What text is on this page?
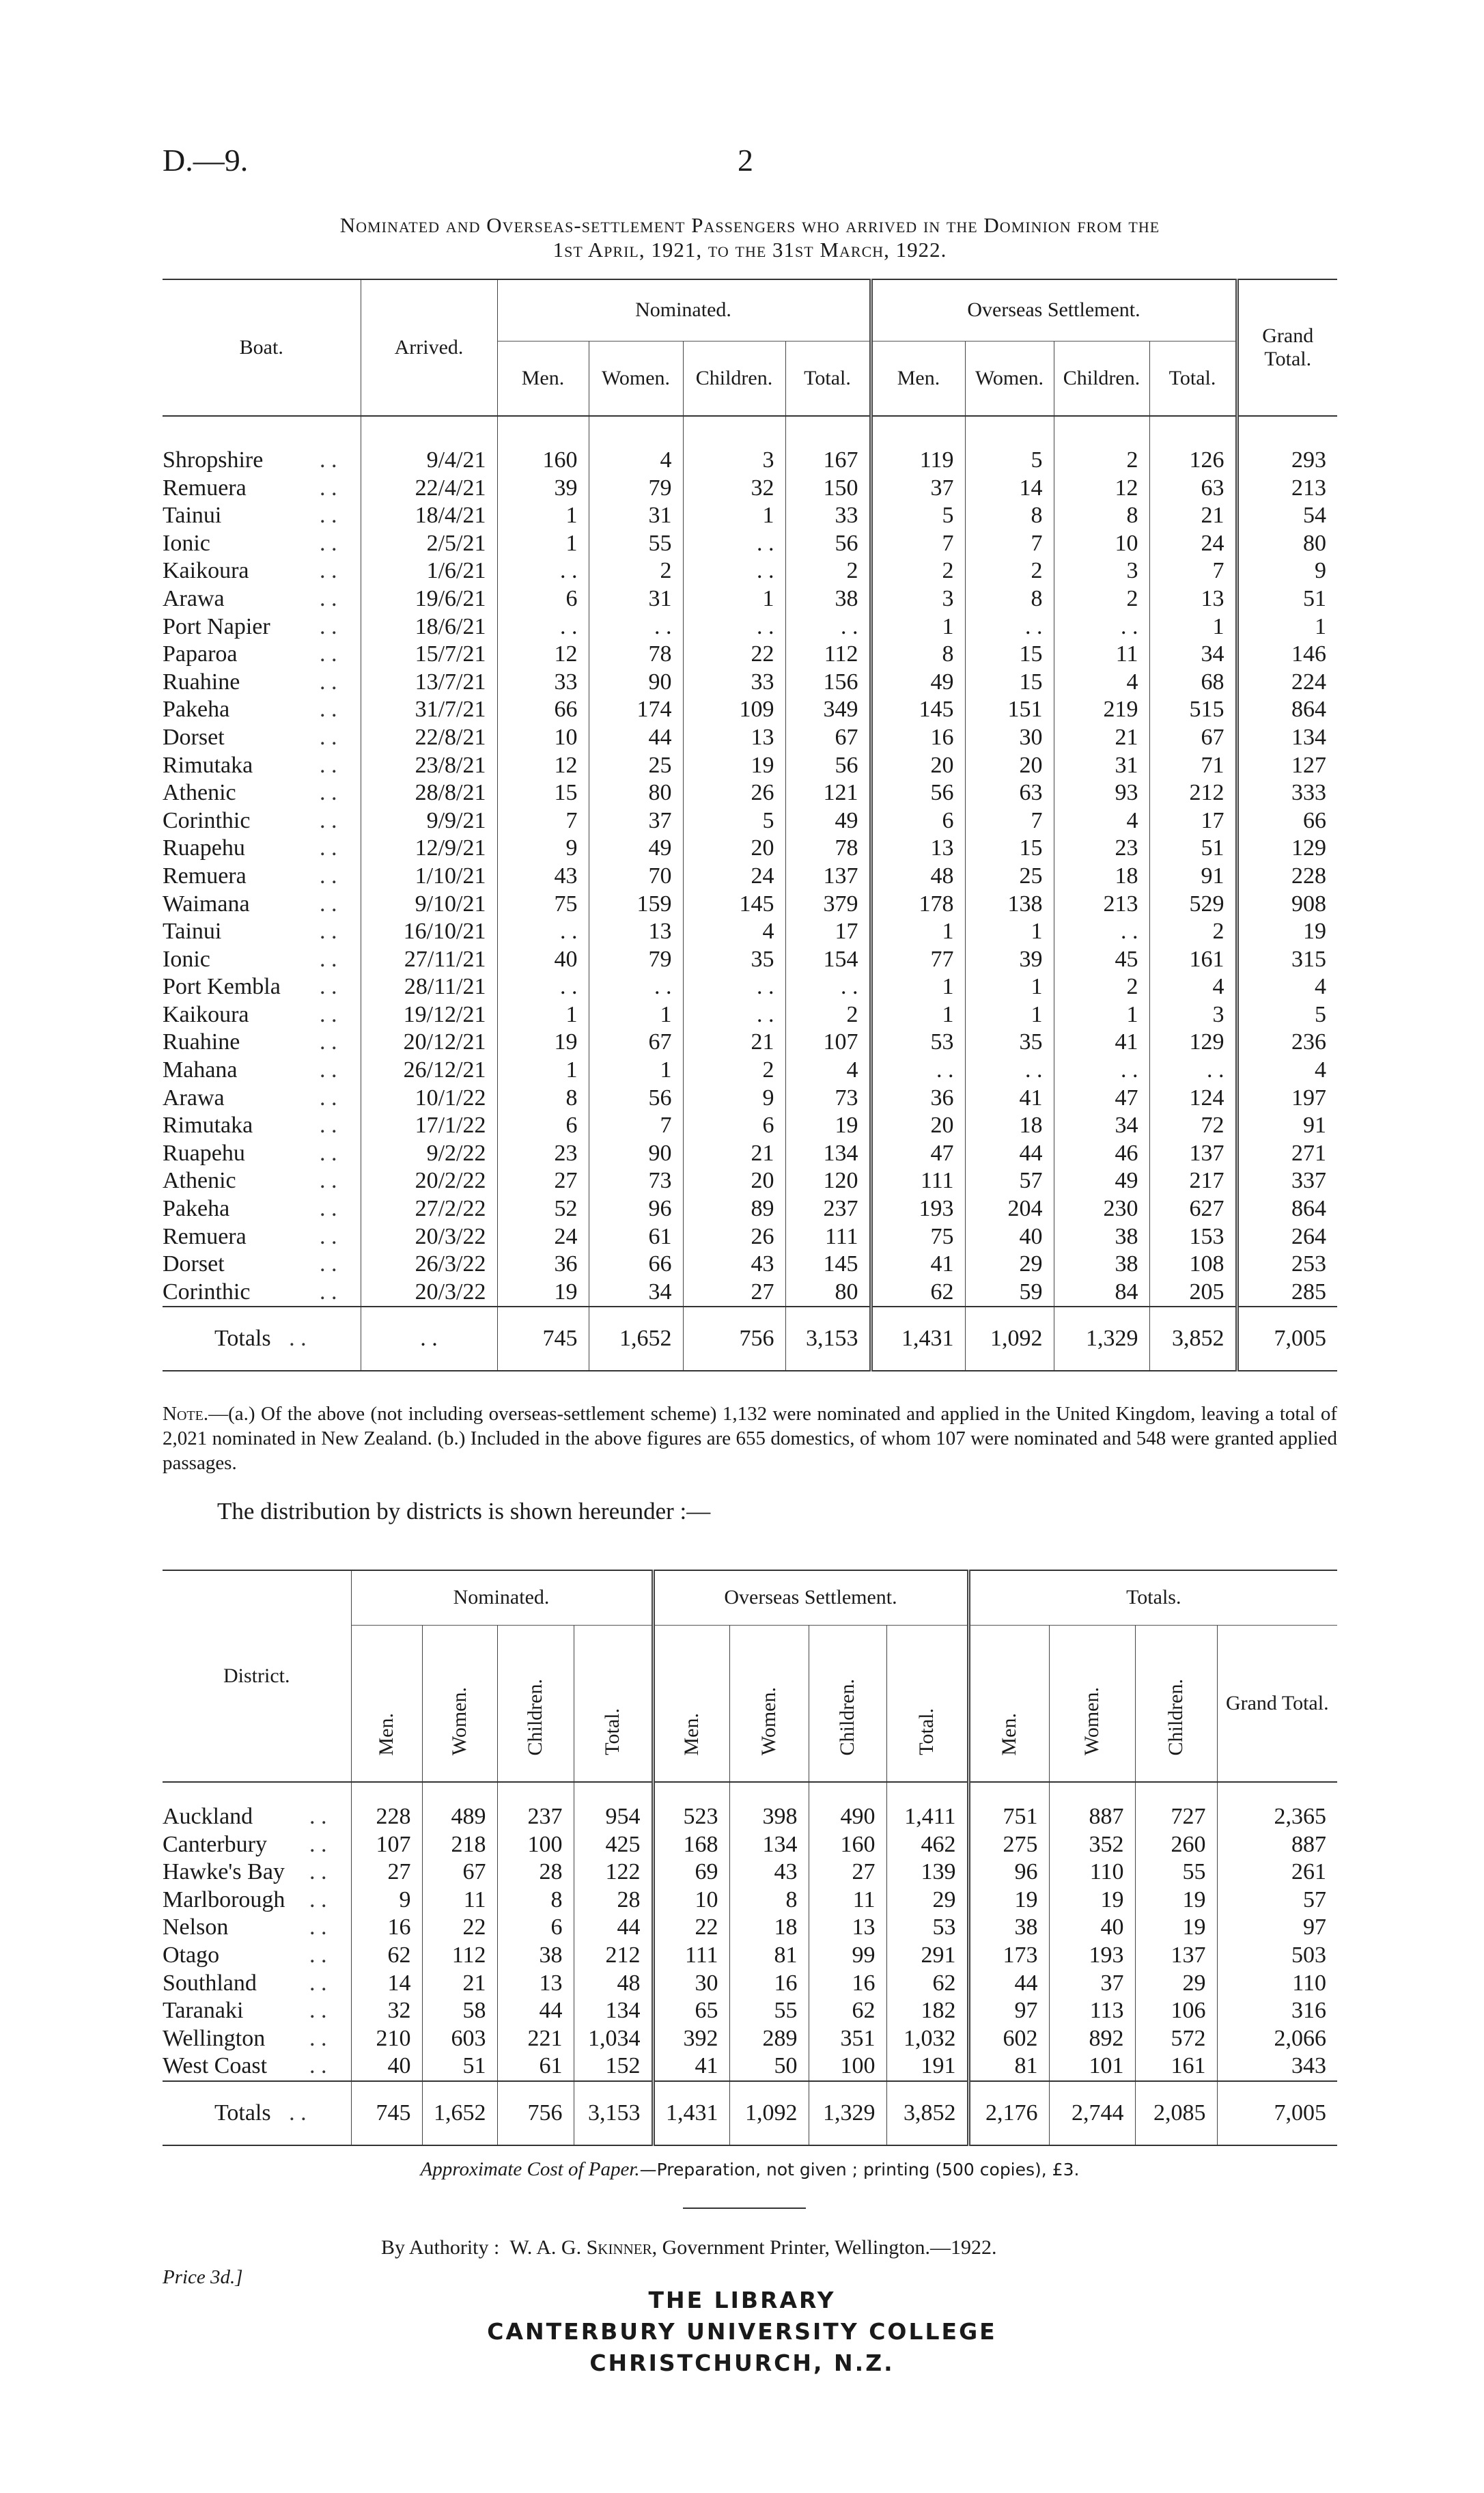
D.—9.	2
Nominated and Overseas-settlement Passengers who arrived in the Dominion from the
1st April, 1921, to the 31st March, 1922.
Boat.	Arrived.	Nominated.				Overseas Settlement.				Grand Total.
		Men.	Women.	Children.	Total.	Men.	Women.	Children.	Total.	
Shropshire . .	9/4/21	160	4	3	167	119	5	2	126	293
Remuera . .	22/4/21	39	79	32	150	37	14	12	63	213
Tainui . .	18/4/21	1	31	1	33	5	8	8	21	54
Ionic . .	2/5/21	1	55	. .	56	7	7	10	24	80
Kaikoura . .	1/6/21	. .	2	. .	2	2	2	3	7	9
Arawa . .	19/6/21	6	31	1	38	3	8	2	13	51
Port Napier . .	18/6/21	. .	. .	. .	. .	1	. .	. .	1	1
Paparoa . .	15/7/21	12	78	22	112	8	15	11	34	146
Ruahine . .	13/7/21	33	90	33	156	49	15	4	68	224
Pakeha . .	31/7/21	66	174	109	349	145	151	219	515	864
Dorset . .	22/8/21	10	44	13	67	16	30	21	67	134
Rimutaka . .	23/8/21	12	25	19	56	20	20	31	71	127
Athenic . .	28/8/21	15	80	26	121	56	63	93	212	333
Corinthic . .	9/9/21	7	37	5	49	6	7	4	17	66
Ruapehu . .	12/9/21	9	49	20	78	13	15	23	51	129
Remuera . .	1/10/21	43	70	24	137	48	25	18	91	228
Waimana . .	9/10/21	75	159	145	379	178	138	213	529	908
Tainui . .	16/10/21	. .	13	4	17	1	1	. .	2	19
Ionic . .	27/11/21	40	79	35	154	77	39	45	161	315
Port Kembla . .	28/11/21	. .	. .	. .	. .	1	1	2	4	4
Kaikoura . .	19/12/21	1	1	. .	2	1	1	1	3	5
Ruahine . .	20/12/21	19	67	21	107	53	35	41	129	236
Mahana . .	26/12/21	1	1	2	4	. .	. .	. .	. .	4
Arawa . .	10/1/22	8	56	9	73	36	41	47	124	197
Rimutaka . .	17/1/22	6	7	6	19	20	18	34	72	91
Ruapehu . .	9/2/22	23	90	21	134	47	44	46	137	271
Athenic . .	20/2/22	27	73	20	120	111	57	49	217	337
Pakeha . .	27/2/22	52	96	89	237	193	204	230	627	864
Remuera . .	20/3/22	24	61	26	111	75	40	38	153	264
Dorset . .	26/3/22	36	66	43	145	41	29	38	108	253
Corinthic . .	20/3/22	19	34	27	80	62	59	84	205	285
Totals . .	. .	745	1,652	756	3,153	1,431	1,092	1,329	3,852	7,005
Note.—(a.) Of the above (not including overseas-settlement scheme) 1,132 were nominated and applied in the United Kingdom, leaving a total of 2,021 nominated in New Zealand. (b.) Included in the above figures are 655 domestics, of whom 107 were nominated and 548 were granted applied passages.
The distribution by districts is shown hereunder :—
District.	Nominated.				Overseas Settlement.				Totals.			
	Men.	Women.	Children.	Total.	Men.	Women.	Children.	Total.	Men.	Women.	Children.	Grand Total.
Auckland . .	228	489	237	954	523	398	490	1,411	751	887	727	2,365
Canterbury . .	107	218	100	425	168	134	160	462	275	352	260	887
Hawke's Bay . .	27	67	28	122	69	43	27	139	96	110	55	261
Marlborough . .	9	11	8	28	10	8	11	29	19	19	19	57
Nelson . .	16	22	6	44	22	18	13	53	38	40	19	97
Otago . .	62	112	38	212	111	81	99	291	173	193	137	503
Southland . .	14	21	13	48	30	16	16	62	44	37	29	110
Taranaki . .	32	58	44	134	65	55	62	182	97	113	106	316
Wellington . .	210	603	221	1,034	392	289	351	1,032	602	892	572	2,066
West Coast . .	40	51	61	152	41	50	100	191	81	101	161	343
Totals . .	745	1,652	756	3,153	1,431	1,092	1,329	3,852	2,176	2,744	2,085	7,005
Approximate Cost of Paper.—Preparation, not given ; printing (500 copies), £3.
By Authority : W. A. G. Skinner, Government Printer, Wellington.—1922.
Price 3d.]
THE LIBRARY
CANTERBURY UNIVERSITY COLLEGE
CHRISTCHURCH, N.Z.
